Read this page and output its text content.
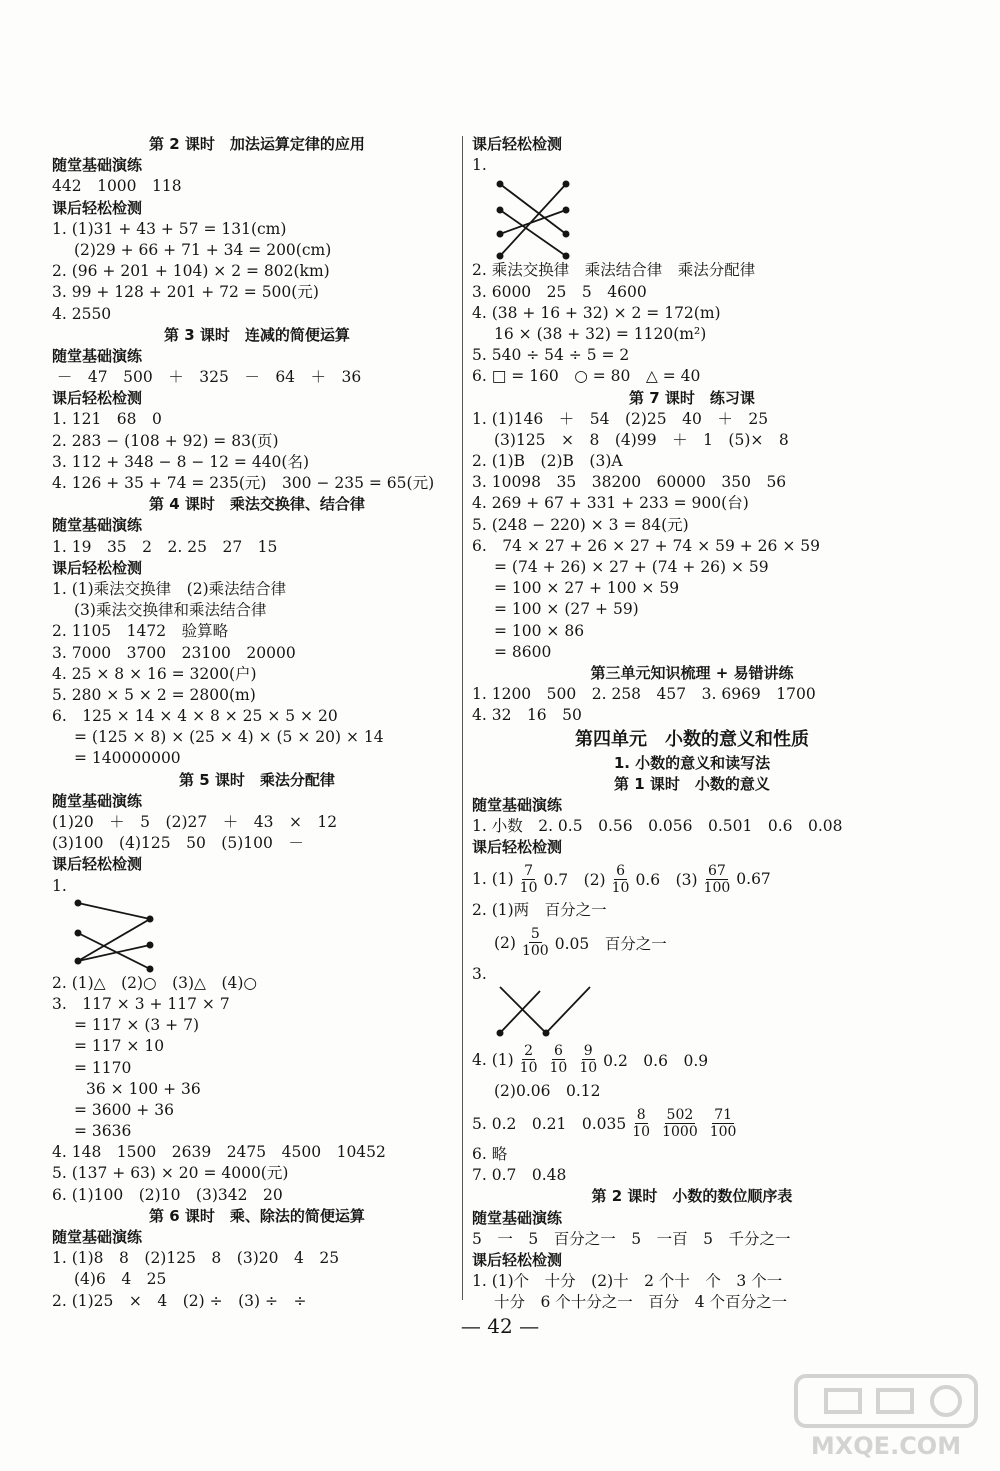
第 2 课时　加法运算定律的应用
随堂基础演练
442　1000　118
课后轻松检测
1. (1)31 + 43 + 57 = 131(cm)
(2)29 + 66 + 71 + 34 = 200(cm)
2. (96 + 201 + 104) × 2 = 802(km)
3. 99 + 128 + 201 + 72 = 500(元)
4. 2550
第 3 课时　连减的简便运算
随堂基础演练
－　47　500　＋　325　－　64　＋　36
课后轻松检测
1. 121　68　0
2. 283 − (108 + 92) = 83(页)
3. 112 + 348 − 8 − 12 = 440(名)
4. 126 + 35 + 74 = 235(元)　300 − 235 = 65(元)
第 4 课时　乘法交换律、结合律
随堂基础演练
1. 19　35　2　2. 25　27　15
课后轻松检测
1. (1)乘法交换律　(2)乘法结合律
(3)乘法交换律和乘法结合律
2. 1105　1472　验算略
3. 7000　3700　23100　20000
4. 25 × 8 × 16 = 3200(户)
5. 280 × 5 × 2 = 2800(m)
6.　125 × 14 × 4 × 8 × 25 × 5 × 20
= (125 × 8) × (25 × 4) × (5 × 20) × 14
= 140000000
第 5 课时　乘法分配律
随堂基础演练
(1)20　＋　5　(2)27　＋　43　×　12
(3)100　(4)125　50　(5)100　－
课后轻松检测
1.
2. (1)△　(2)○　(3)△　(4)○
3.　117 × 3 + 117 × 7
= 117 × (3 + 7)
= 117 × 10
= 1170
36 × 100 + 36
= 3600 + 36
= 3636
4. 148　1500　2639　2475　4500　10452
5. (137 + 63) × 20 = 4000(元)
6. (1)100　(2)10　(3)342　20
第 6 课时　乘、除法的简便运算
随堂基础演练
1. (1)8　8　(2)125　8　(3)20　4　25
(4)6　4　25
2. (1)25　×　4　(2) ÷　(3) ÷　÷
课后轻松检测
1.
2. 乘法交换律　乘法结合律　乘法分配律
3. 6000　25　5　4600
4. (38 + 16 + 32) × 2 = 172(m)
16 × (38 + 32) = 1120(m²)
5. 540 ÷ 54 ÷ 5 = 2
6. □ = 160　○ = 80　△ = 40
第 7 课时　练习课
1. (1)146　＋　54　(2)25　40　＋　25
(3)125　×　8　(4)99　＋　1　(5)×　8
2. (1)B　(2)B　(3)A
3. 10098　35　38200　60000　350　56
4. 269 + 67 + 331 + 233 = 900(台)
5. (248 − 220) × 3 = 84(元)
6.　74 × 27 + 26 × 27 + 74 × 59 + 26 × 59
= (74 + 26) × 27 + (74 + 26) × 59
= 100 × 27 + 100 × 59
= 100 × (27 + 59)
= 100 × 86
= 8600
第三单元知识梳理 + 易错讲练
1. 1200　500　2. 258　457　3. 6969　1700
4. 32　16　50
第四单元　小数的意义和性质
1. 小数的意义和读写法
第 1 课时　小数的意义
随堂基础演练
1. 小数　2. 0.5　0.56　0.056　0.501　0.6　0.08
课后轻松检测
1. $(1) \frac{7}{10} 0.7$　$(2) \frac{6}{10} 0.6$　$(3) \frac{67}{100} 0.67$
2. (1)两　百分之一
$(2) \frac{5}{100} 0.05$　百分之一
3.
4. $(1) \frac{2}{10} \frac{6}{10} \frac{9}{10} 0.2$　0.6　0.9
(2)0.06　0.12
5. 0.2　0.21　$0.035 \frac{8}{10} \frac{502}{1000} \frac{71}{100}$
6. 略
7. 0.7　0.48
第 2 课时　小数的数位顺序表
随堂基础演练
5　一　5　百分之一　5　一百　5　千分之一
课后轻松检测
1. (1)个　十分　(2)十　2 个十　个　3 个一
十分　6 个十分之一　百分　4 个百分之一
— 42 —
MXQE.COM
